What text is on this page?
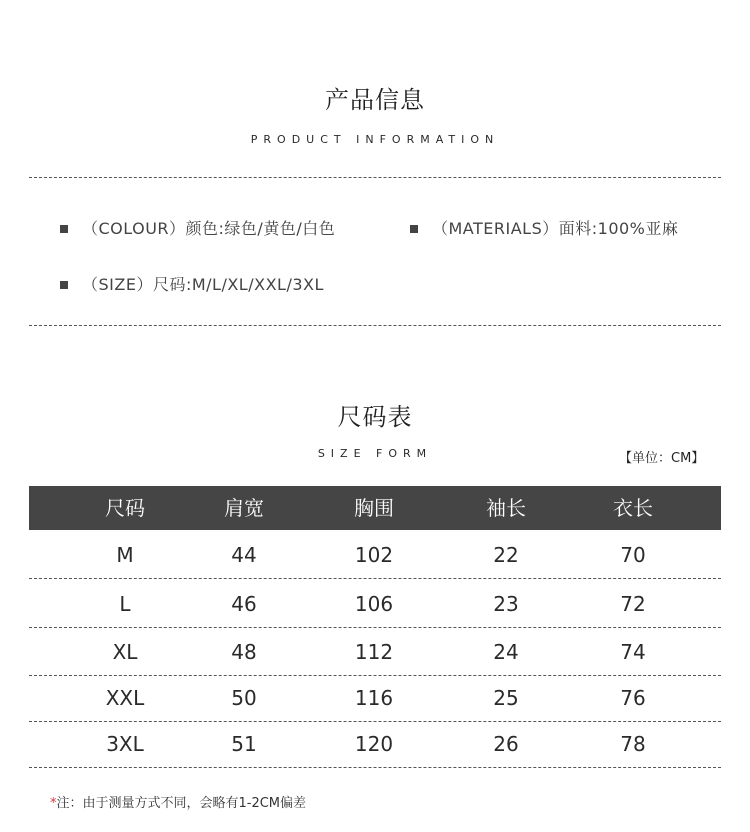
产品信息
PRODUCT INFORMATION
（COLOUR）颜色:绿色/黄色/白色	（MATERIALS）面料:100%亚麻
（SIZE）尺码:M/L/XL/XXL/3XL
尺码表
SIZE FORM	【单位：CM】
尺码	肩宽	胸围	袖长	衣长
M	44	102	22	70
L	46	106	23	72
XL	48	112	24	74
XXL	50	116	25	76
3XL	51	120	26	78
*注：由于测量方式不同，会略有1-2CM偏差
